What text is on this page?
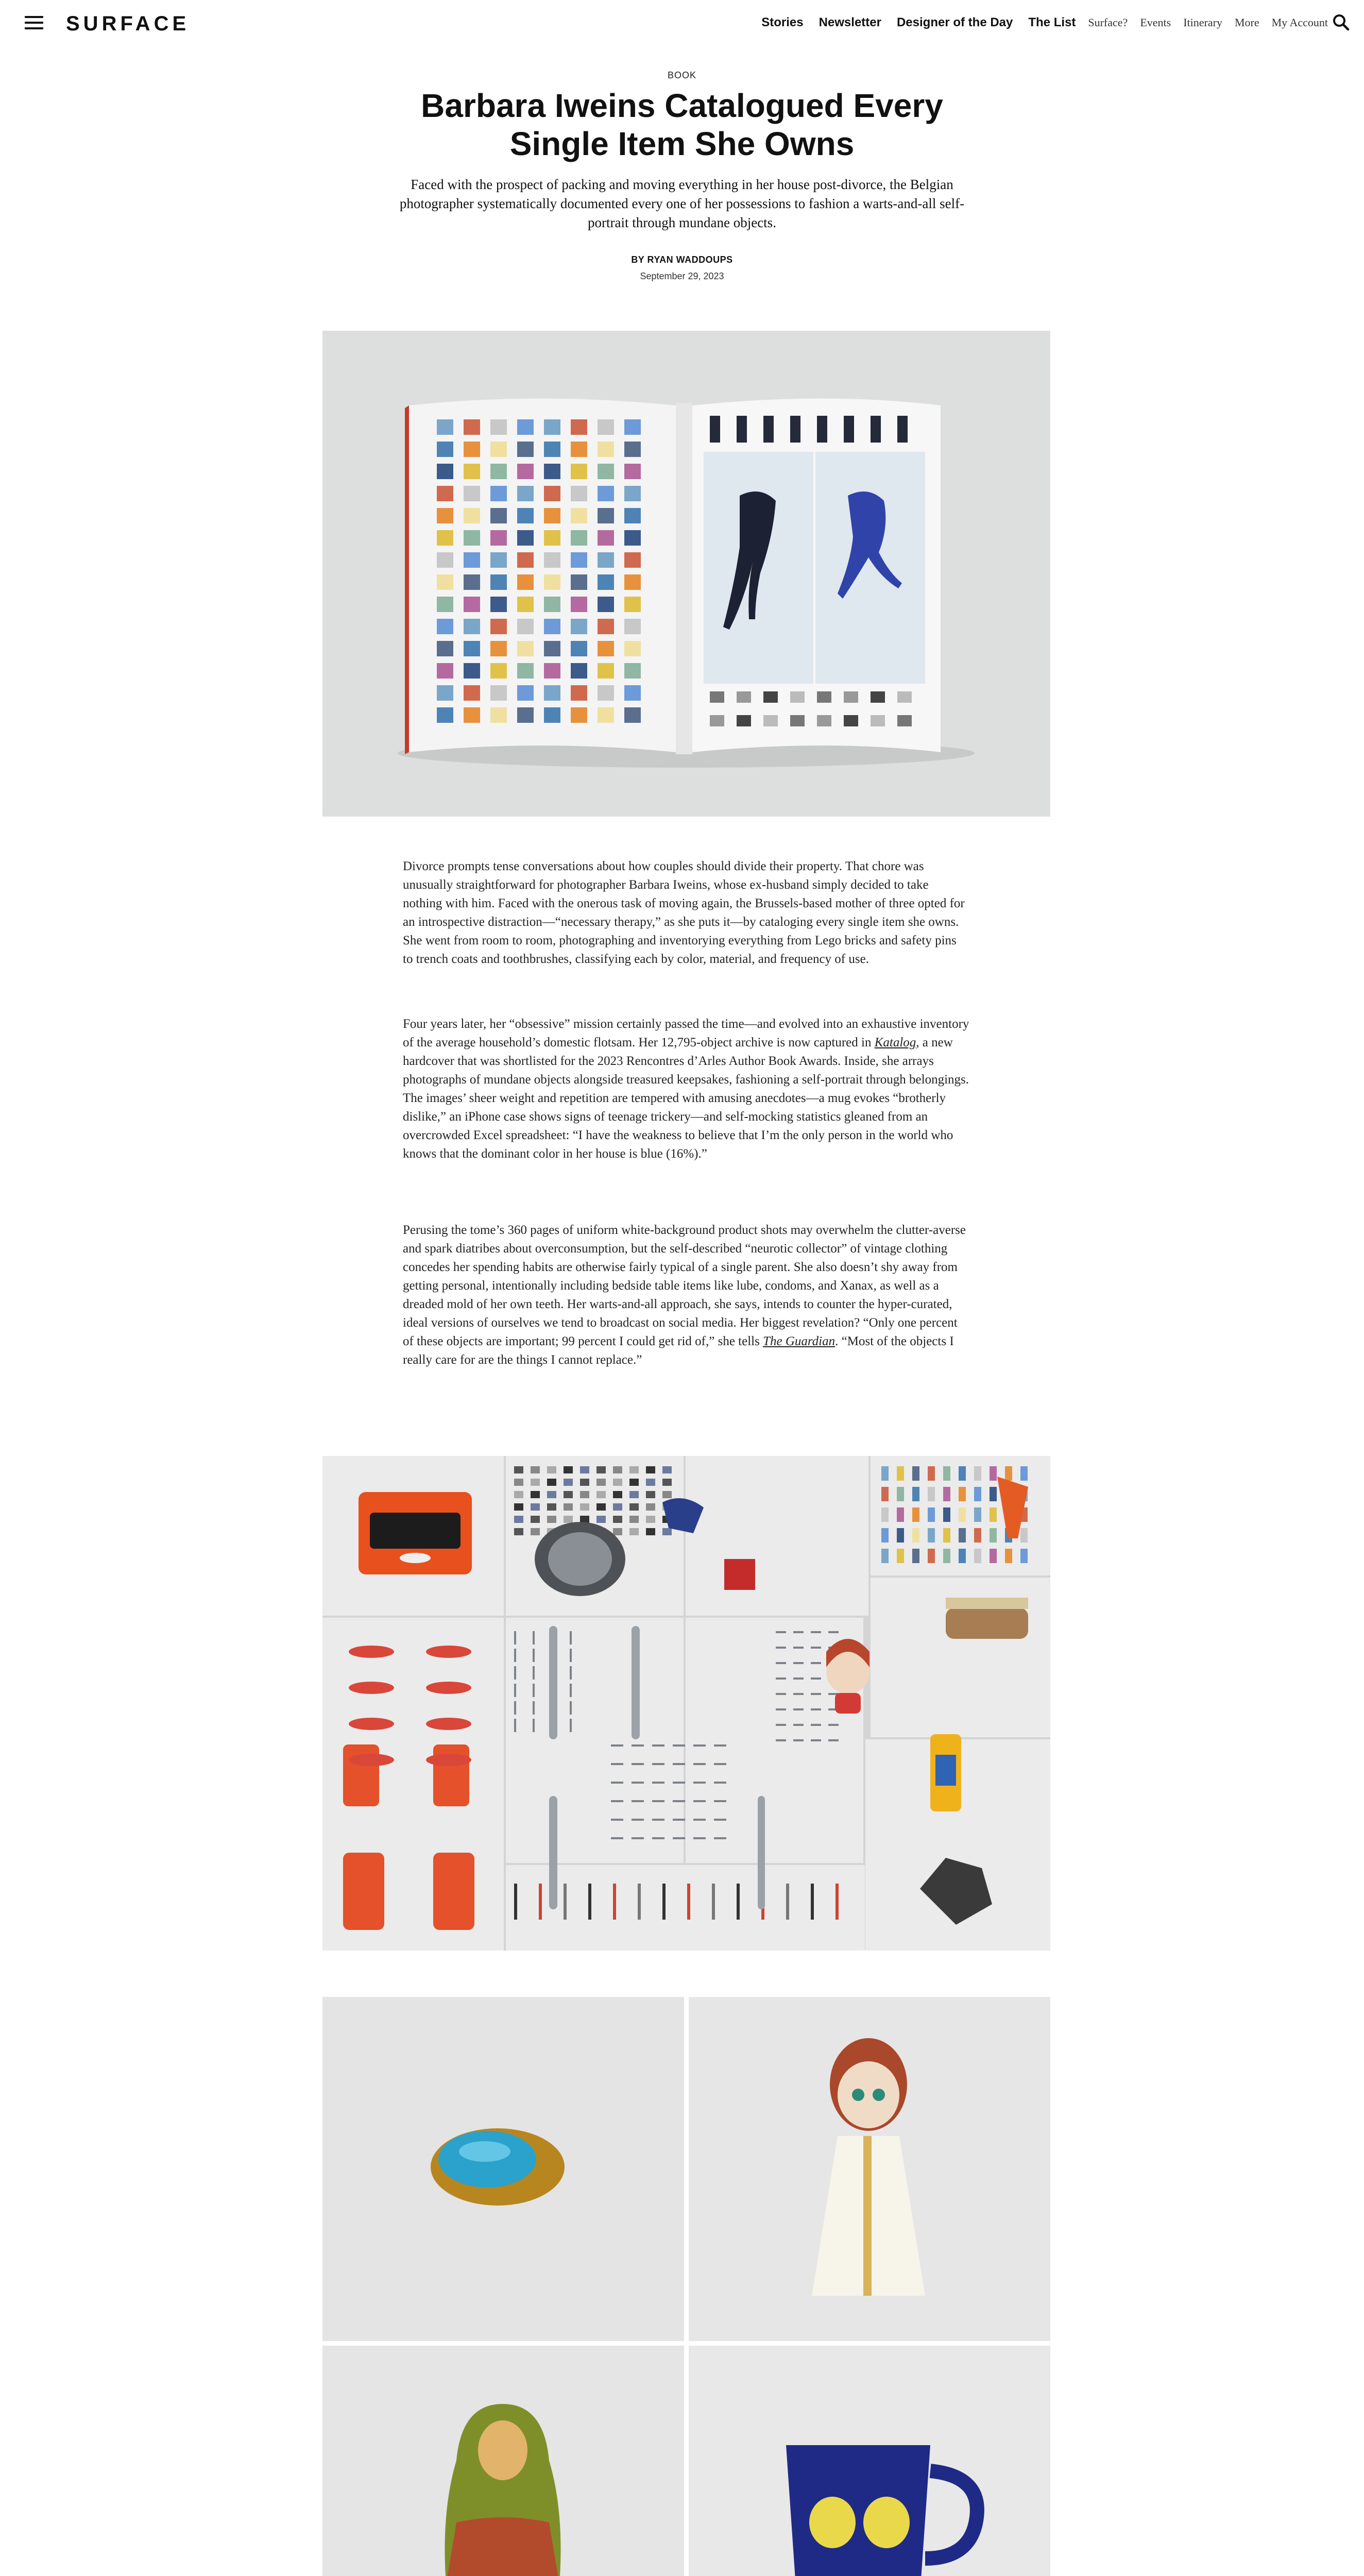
SURFACE	Stories Newsletter Designer of the Day The List Surface? Events Itinerary More My Account
BOOK
Barbara Iweins Catalogued Every Single Item She Owns

Faced with the prospect of packing and moving everything in her house post-divorce, the Belgian photographer systematically documented every one of her possessions to fashion a warts-and-all self-portrait through mundane objects.

BY RYAN WADDOUPS
September 29, 2023

Divorce prompts tense conversations about how couples should divide their property. That chore was unusually straightforward for photographer Barbara Iweins, whose ex-husband simply decided to take nothing with him. Faced with the onerous task of moving again, the Brussels-based mother of three opted for an introspective distraction—“necessary therapy,” as she puts it—by cataloging every single item she owns. She went from room to room, photographing and inventorying everything from Lego bricks and safety pins to trench coats and toothbrushes, classifying each by color, material, and frequency of use.

Four years later, her “obsessive” mission certainly passed the time—and evolved into an exhaustive inventory of the average household’s domestic flotsam. Her 12,795-object archive is now captured in Katalog, a new hardcover that was shortlisted for the 2023 Rencontres d’Arles Author Book Awards. Inside, she arrays photographs of mundane objects alongside treasured keepsakes, fashioning a self-portrait through belongings. The images’ sheer weight and repetition are tempered with amusing anecdotes—a mug evokes “brotherly dislike,” an iPhone case shows signs of teenage trickery—and self-mocking statistics gleaned from an overcrowded Excel spreadsheet: “I have the weakness to believe that I’m the only person in the world who knows that the dominant color in her house is blue (16%).”

Perusing the tome’s 360 pages of uniform white-background product shots may overwhelm the clutter-averse and spark diatribes about overconsumption, but the self-described “neurotic collector” of vintage clothing concedes her spending habits are otherwise fairly typical of a single parent. She also doesn’t shy away from getting personal, intentionally including bedside table items like lube, condoms, and Xanax, as well as a dreaded mold of her own teeth. Her warts-and-all approach, she says, intends to counter the hyper-curated, ideal versions of ourselves we tend to broadcast on social media. Her biggest revelation? “Only one percent of these objects are important; 99 percent I could get rid of,” she tells The Guardian. “Most of the objects I really care for are the things I cannot replace.”
